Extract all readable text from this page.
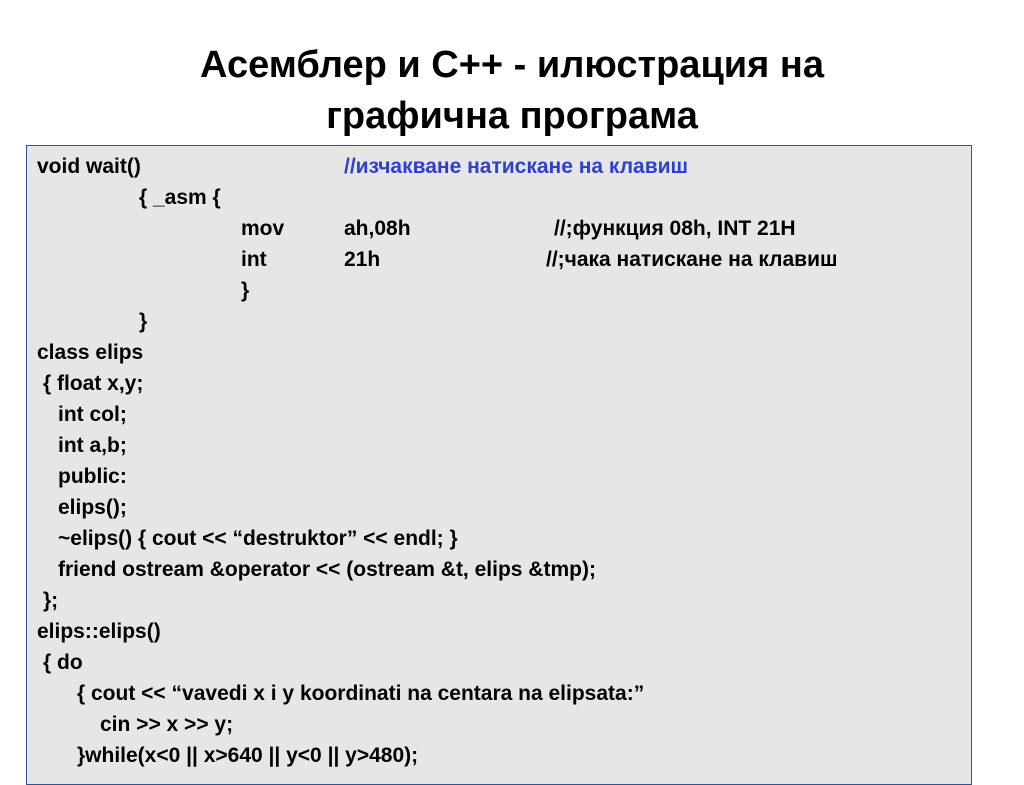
Асемблер и С++ - илюстрация на
графична програма
void wait()	//изчакване натискане на клавиш
{ _asm {
mov	ah,08h	//;функция 08h, INT 21H
int	21h	//;чака натискане на клавиш
}
}
class elips
{ float x,y;
int col;
int a,b;
public:
elips();
~elips() { cout << “destruktor” << endl; }
friend ostream &operator << (ostream &t, elips &tmp);
};
elips::elips()
{ do
{ cout << “vavedi x i y koordinati na centara na elipsata:”
cin >> x >> y;
}while(x<0 || x>640 || y<0 || y>480);
